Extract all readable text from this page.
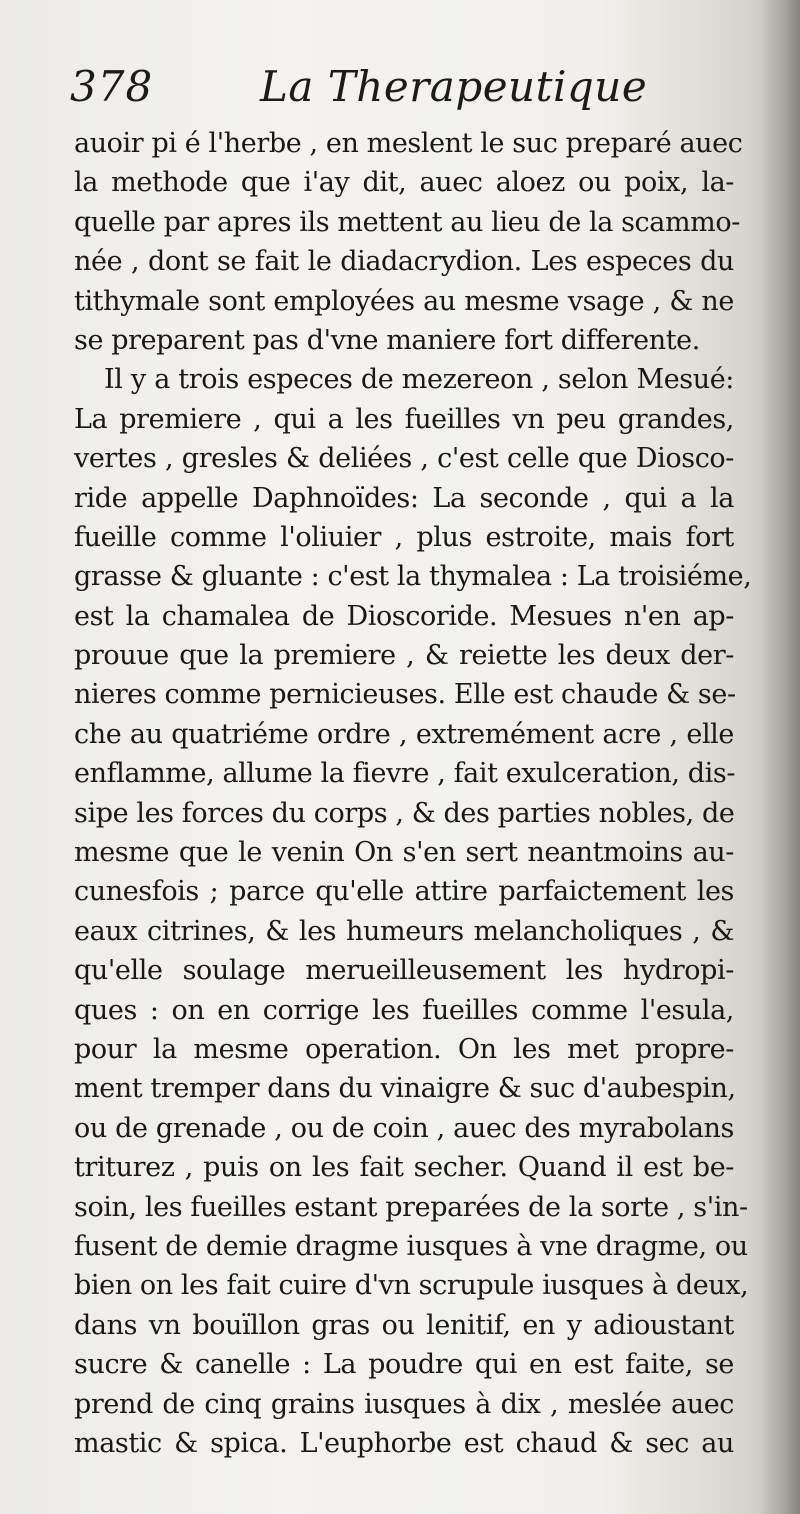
378	La Therapeutique
auoir pi é l'herbe , en meslent le suc preparé auec
la methode que i'ay dit, auec aloez ou poix, la-
quelle par apres ils mettent au lieu de la scammo-
née , dont se fait le diadacrydion. Les especes du
tithymale sont employées au mesme vsage , & ne
se preparent pas d'vne maniere fort differente.
Il y a trois especes de mezereon , selon Mesué:
La premiere , qui a les fueilles vn peu grandes,
vertes , gresles & deliées , c'est celle que Diosco-
ride appelle Daphnoïdes: La seconde , qui a la
fueille comme l'oliuier , plus estroite, mais fort
grasse & gluante : c'est la thymalea : La troisiéme,
est la chamalea de Dioscoride. Mesues n'en ap-
prouue que la premiere , & reiette les deux der-
nieres comme pernicieuses. Elle est chaude & se-
che au quatriéme ordre , extremément acre , elle
enflamme, allume la fievre , fait exulceration, dis-
sipe les forces du corps , & des parties nobles, de
mesme que le venin On s'en sert neantmoins au-
cunesfois ; parce qu'elle attire parfaictement les
eaux citrines, & les humeurs melancholiques , &
qu'elle soulage merueilleusement les hydropi-
ques : on en corrige les fueilles comme l'esula,
pour la mesme operation. On les met propre-
ment tremper dans du vinaigre & suc d'aubespin,
ou de grenade , ou de coin , auec des myrabolans
triturez , puis on les fait secher. Quand il est be-
soin, les fueilles estant preparées de la sorte , s'in-
fusent de demie dragme iusques à vne dragme, ou
bien on les fait cuire d'vn scrupule iusques à deux,
dans vn bouïllon gras ou lenitif, en y adioustant
sucre & canelle : La poudre qui en est faite, se
prend de cinq grains iusques à dix , meslée auec
mastic & spica. L'euphorbe est chaud & sec au
